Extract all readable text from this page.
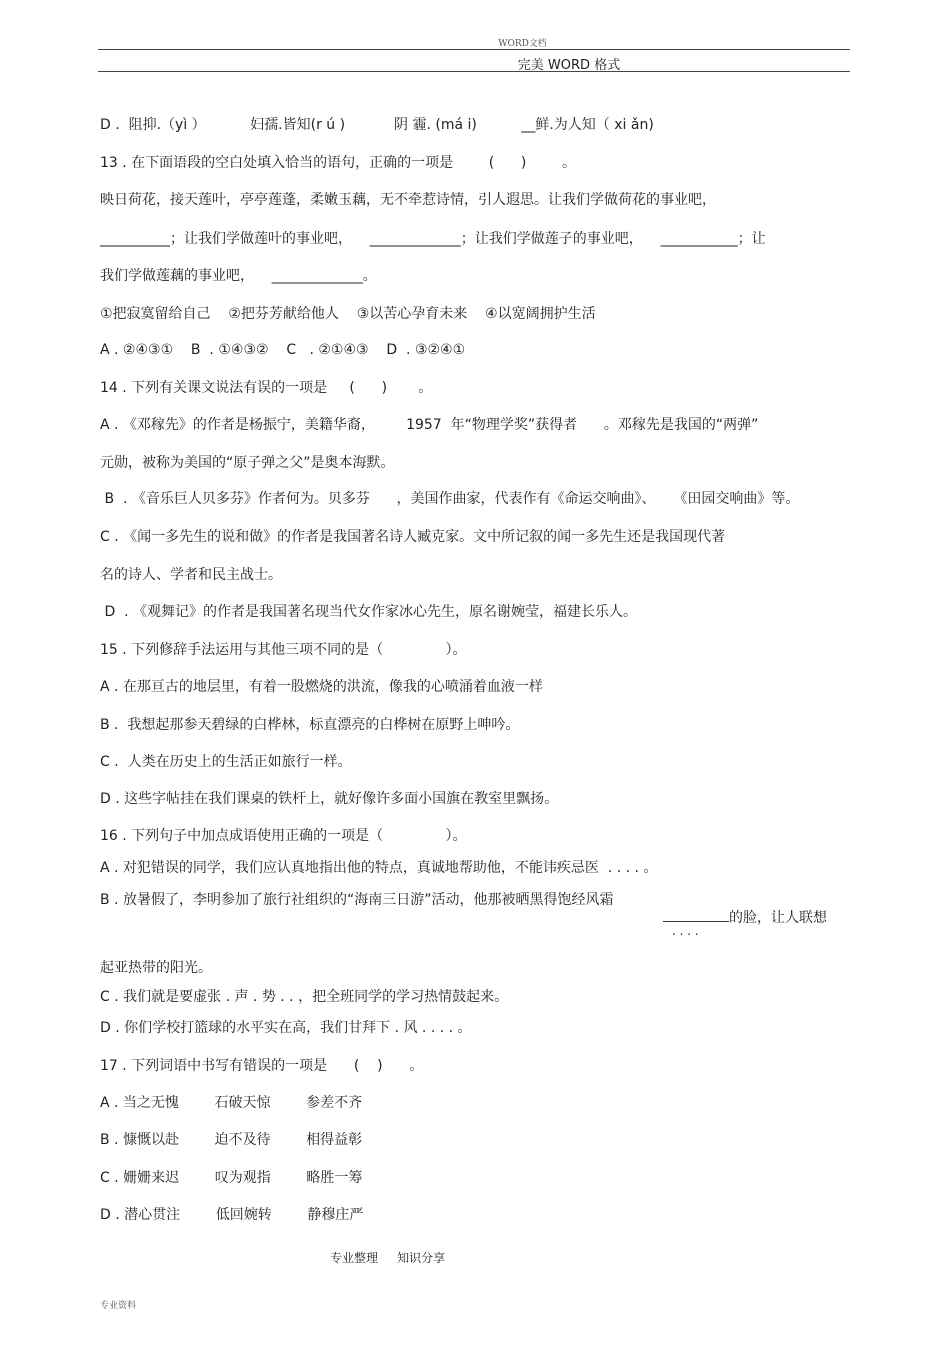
WORD文档
完美 WORD 格式
D .  阻抑.（yì ）          妇孺.皆知(r ú )           阴 霾. (má i)          __鲜.为人知（ xi ǎn)
13 . 在下面语段的空白处填入恰当的语句，正确的一项是        (      )        。
映日荷花，接天莲叶，亭亭莲蓬，柔嫩玉藕，无不牵惹诗情，引人遐思。让我们学做荷花的事业吧，
__________；让我们学做莲叶的事业吧，    _____________；让我们学做莲子的事业吧，    ___________；让
我们学做莲藕的事业吧，    _____________。
①把寂寞留给自己    ②把芬芳献给他人    ③以苦心孕育未来    ④以宽阔拥护生活
A . ②④③①    B  . ①④③②    C   . ②①④③    D  . ③②④①
14 . 下列有关课文说法有误的一项是     (      )       。
A . 《邓稼先》的作者是杨振宁，美籍华裔，       1957  年“物理学奖”获得者      。邓稼先是我国的“两弹”
元勋，被称为美国的“原子弹之父”是奥本海默。
B  . 《音乐巨人贝多芬》作者何为。贝多芬      ，美国作曲家，代表作有《命运交响曲》、    《田园交响曲》等。
C . 《闻一多先生的说和做》的作者是我国著名诗人臧克家。文中所记叙的闻一多先生还是我国现代著
名的诗人、学者和民主战士。
D  . 《观舞记》的作者是我国著名现当代女作家冰心先生，原名谢婉莹，福建长乐人。
15 . 下列修辞手法运用与其他三项不同的是（              ）。
A . 在那亘古的地层里，有着一股燃烧的洪流，像我的心喷涌着血液一样
B .  我想起那参天碧绿的白桦林，标直漂亮的白桦树在原野上呻吟。
C .  人类在历史上的生活正如旅行一样。
D . 这些字帖挂在我们课桌的铁杆上，就好像许多面小国旗在教室里飘扬。
16 . 下列句子中加点成语使用正确的一项是（              ）。
A . 对犯错误的同学，我们应认真地指出他的特点，真诚地帮助他，不能讳疾忌医  . . . . 。
B . 放暑假了，李明参加了旅行社组织的“海南三日游”活动，他那被晒黑得饱经风霜
起亚热带的阳光。
C . 我们就是要虚张 . 声 . 势 . . ，把全班同学的学习热情鼓起来。
D . 你们学校打篮球的水平实在高，我们甘拜下 . 风 . . . . 。
17 . 下列词语中书写有错误的一项是      (    )      。
A . 当之无愧        石破天惊        参差不齐
B . 慷慨以赴        迫不及待        相得益彰
C . 姗姗来迟        叹为观指        略胜一筹
D . 潜心贯注        低回婉转        静穆庄严
的脸，让人联想
. . . .
专业整理     知识分享
专业资料
